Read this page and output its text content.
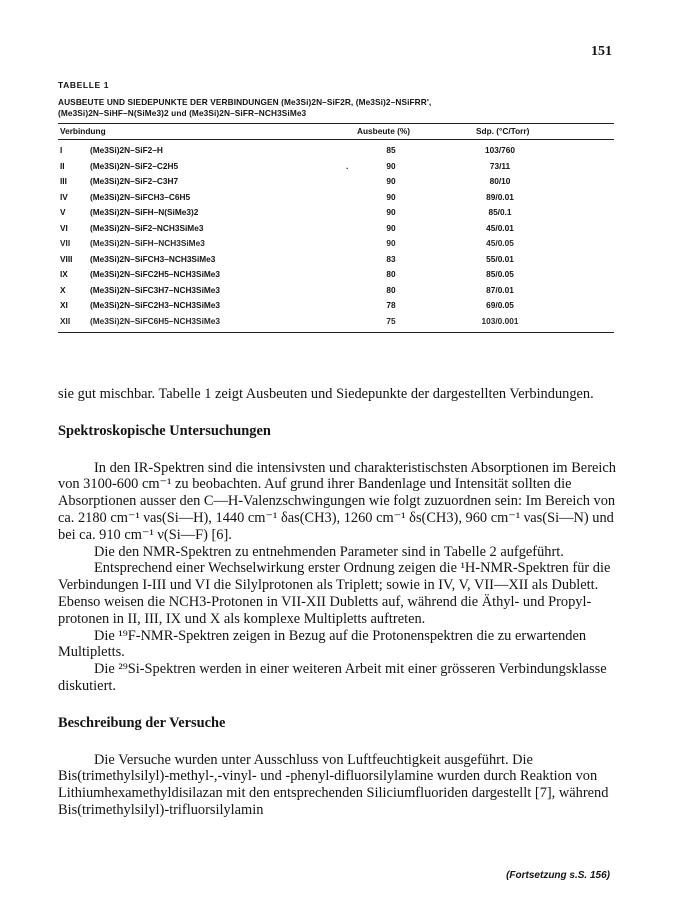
151
TABELLE 1
AUSBEUTE UND SIEDEPUNKTE DER VERBINDUNGEN (Me3Si)2N–SiF2R, (Me3Si)2–NSiFRR',
(Me3Si)2N–SiHF–N(SiMe3)2 und (Me3Si)2N–SiFR–NCH3SiMe3
Verbindung	Ausbeute (%)	Sdp. (°C/Torr)
I	(Me3Si)2N–SiF2–H	85	103/760
II	(Me3Si)2N–SiF2–C2H5	.	90	73/11
III	(Me3Si)2N–SiF2–C3H7	90	80/10
IV	(Me3Si)2N–SiFCH3–C6H5	90	89/0.01
V	(Me3Si)2N–SiFH–N(SiMe3)2	90	85/0.1
VI	(Me3Si)2N–SiF2–NCH3SiMe3	90	45/0.01
VII (Me3Si)2N–SiFH–NCH3SiMe3	90	45/0.05
VIII (Me3Si)2N–SiFCH3–NCH3SiMe3	83	55/0.01
IX	(Me3Si)2N–SiFC2H5–NCH3SiMe3	80	85/0.05
X	(Me3Si)2N–SiFC3H7–NCH3SiMe3	80	87/0.01
XI	(Me3Si)2N–SiFC2H3–NCH3SiMe3	78	69/0.05
XII (Me3Si)2N–SiFC6H5–NCH3SiMe3	75	103/0.001

sie gut mischbar. Tabelle 1 zeigt Ausbeuten und Siedepunkte der dargestellten Verbindungen.

Spektroskopische Untersuchungen

In den IR-Spektren sind die intensivsten und charakteristischsten Absorptionen im Bereich von 3100-600 cm⁻¹ zu beobachten. Auf grund ihrer Bandenlage und Intensität sollten die Absorptionen ausser den C—H-Valenzschwingungen wie folgt zuzuordnen sein: Im Bereich von ca. 2180 cm⁻¹ νas(Si—H), 1440 cm⁻¹ δas(CH3), 1260 cm⁻¹ δs(CH3), 960 cm⁻¹ νas(Si—N) und bei ca. 910 cm⁻¹ ν(Si—F) [6].

Die den NMR-Spektren zu entnehmenden Parameter sind in Tabelle 2 aufgeführt.

Entsprechend einer Wechselwirkung erster Ordnung zeigen die ¹H-NMR-Spektren für die Verbindungen I-III und VI die Silylprotonen als Triplett; sowie in IV, V, VII—XII als Dublett. Ebenso weisen die NCH3-Protonen in VII-XII Dubletts auf, während die Äthyl- und Propyl-protonen in II, III, IX und X als komplexe Multipletts auftreten.

Die ¹⁹F-NMR-Spektren zeigen in Bezug auf die Protonenspektren die zu erwartenden Multipletts.

Die ²⁹Si-Spektren werden in einer weiteren Arbeit mit einer grösseren Verbindungsklasse diskutiert.

Beschreibung der Versuche

Die Versuche wurden unter Ausschluss von Luftfeuchtigkeit ausgeführt. Die Bis(trimethylsilyl)-methyl-,-vinyl- und -phenyl-difluorsilylamine wurden durch Reaktion von Lithiumhexamethyldisilazan mit den entsprechenden Siliciumfluoriden dargestellt [7], während Bis(trimethylsilyl)-trifluorsilylamin

(Fortsetzung s.S. 156)
